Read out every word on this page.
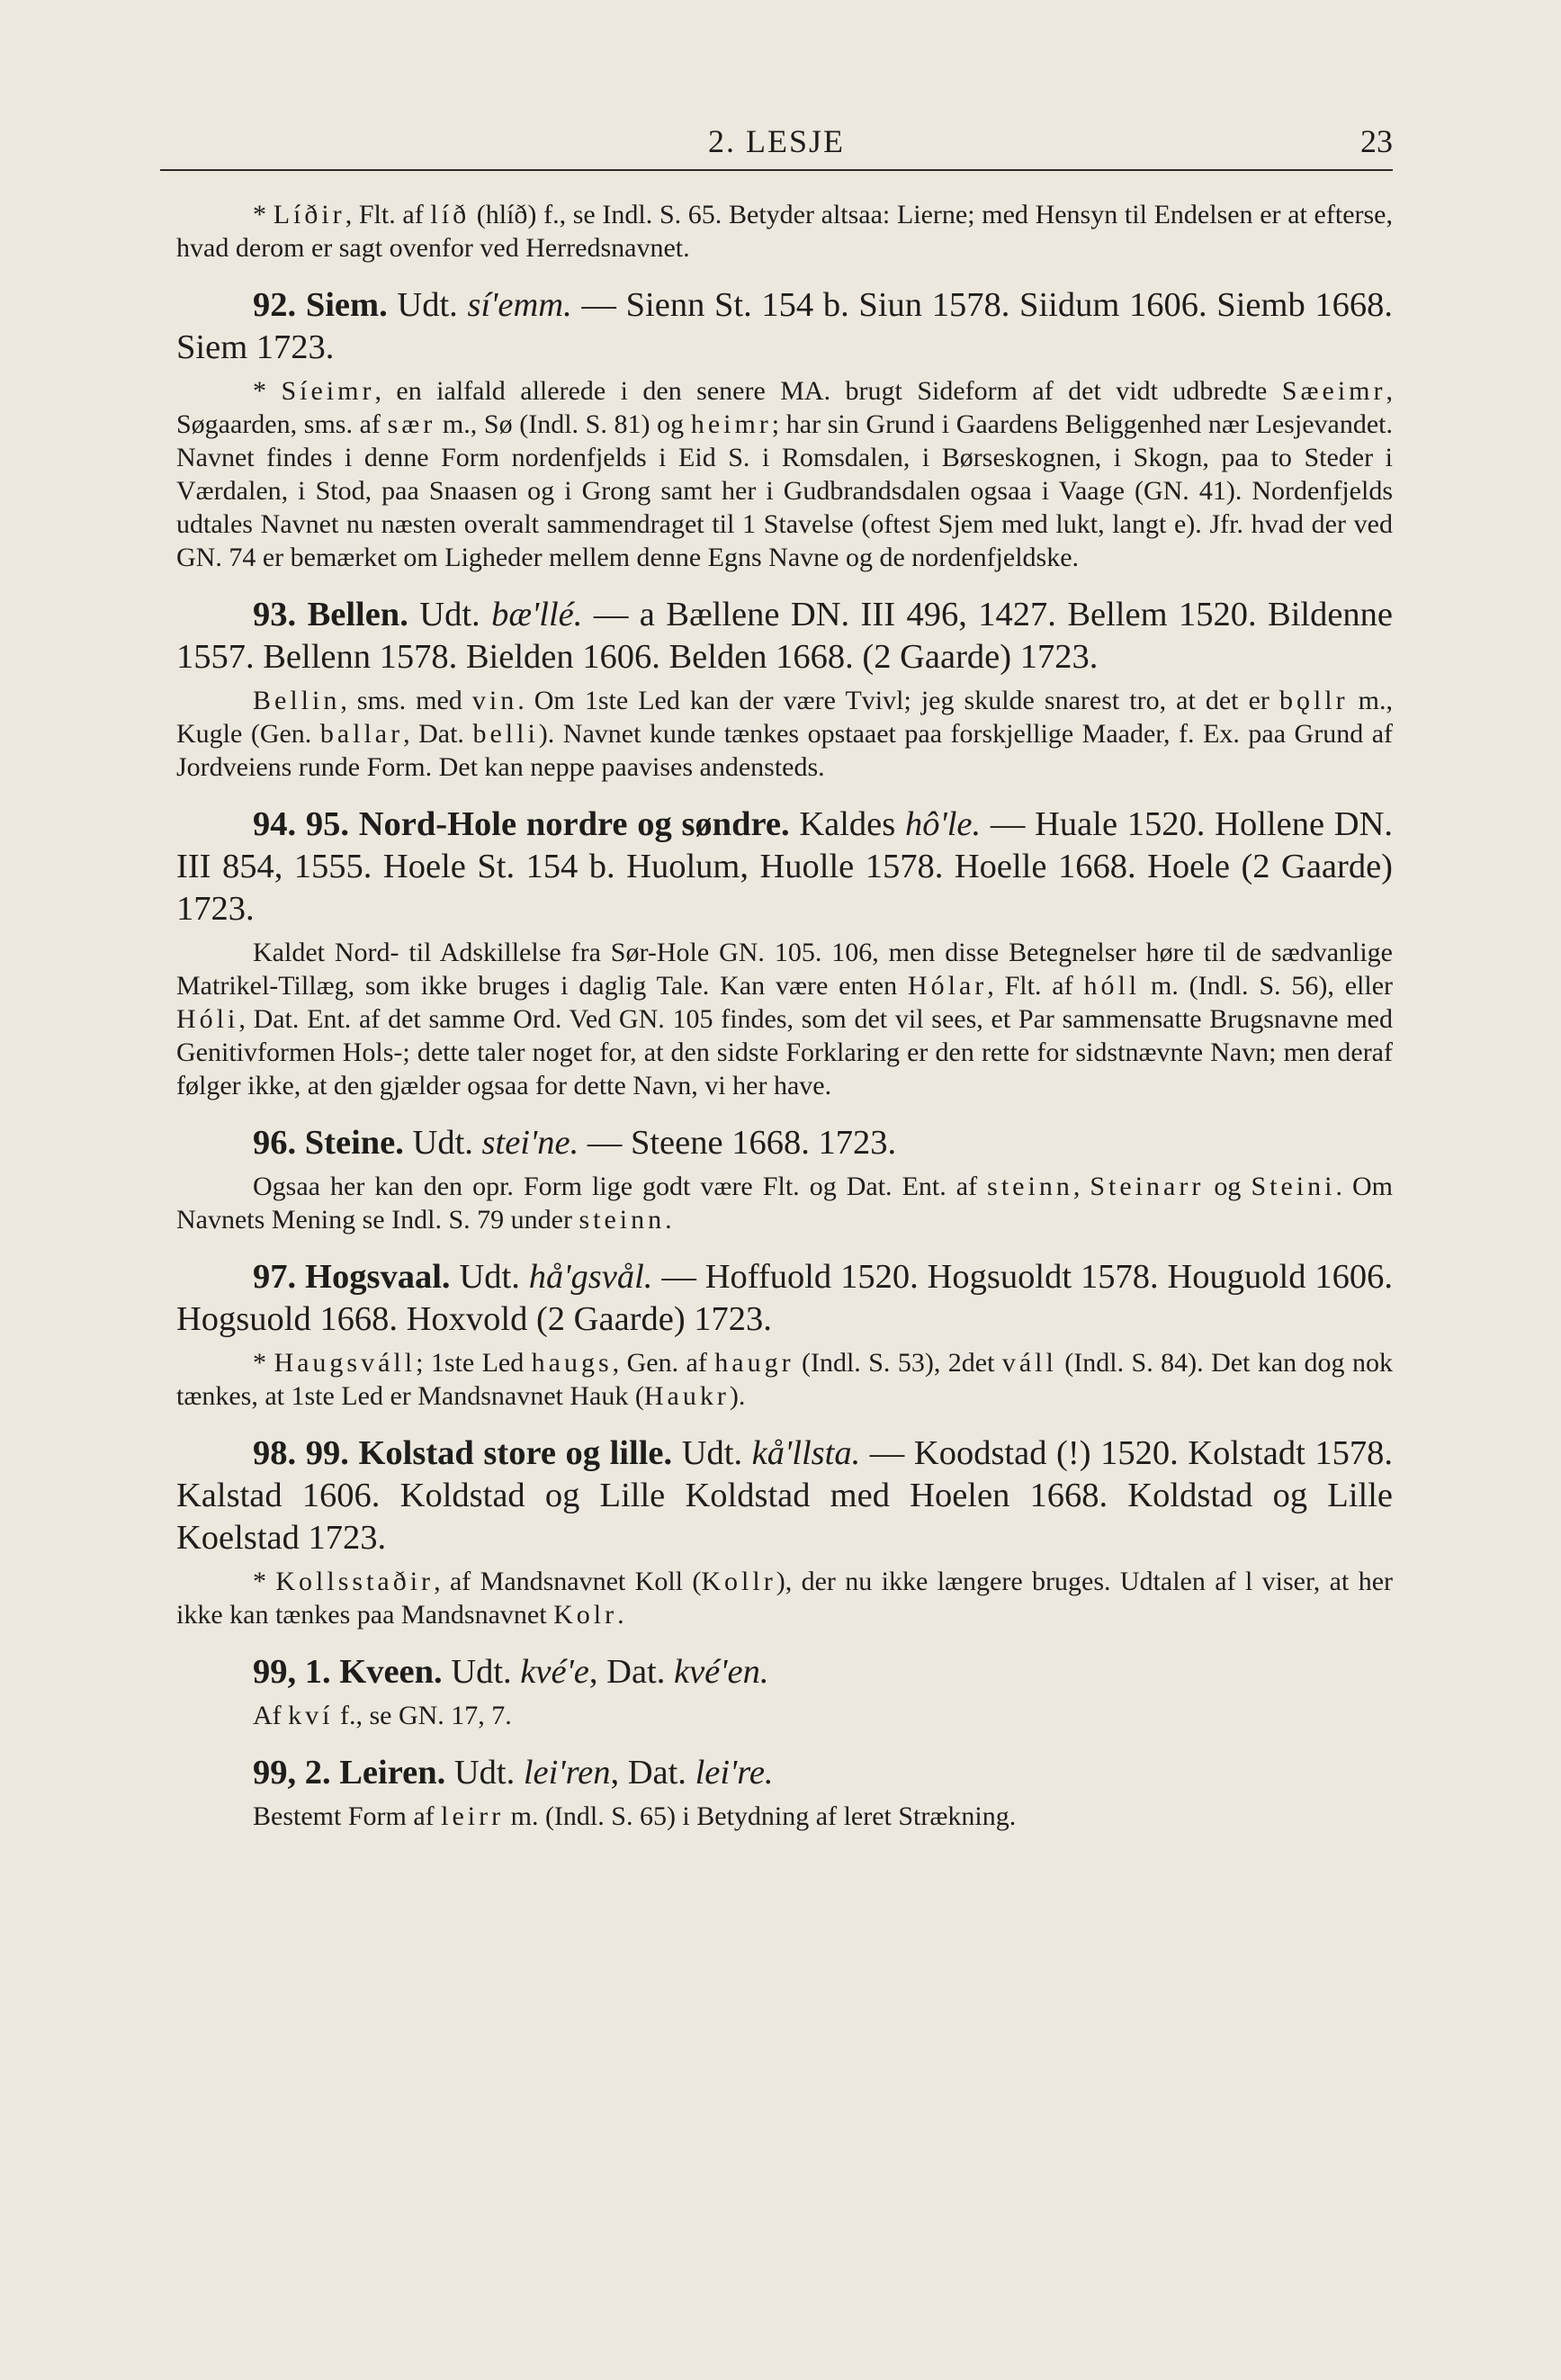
2. LESJE	23

* Líðir, Flt. af líð (hlíð) f., se Indl. S. 65. Betyder altsaa: Lierne; med Hensyn til Endelsen er at efterse, hvad derom er sagt ovenfor ved Herredsnavnet.

92. Siem. Udt. sí'emm. — Sienn St. 154 b. Siun 1578. Siidum 1606. Siemb 1668. Siem 1723.

* Síeimr, en ialfald allerede i den senere MA. brugt Sideform af det vidt udbredte Sæeimr, Søgaarden, sms. af sær m., Sø (Indl. S. 81) og heimr; har sin Grund i Gaardens Beliggenhed nær Lesjevandet. Navnet findes i denne Form nordenfjelds i Eid S. i Romsdalen, i Børseskognen, i Skogn, paa to Steder i Værdalen, i Stod, paa Snaasen og i Grong samt her i Gudbrandsdalen ogsaa i Vaage (GN. 41). Nordenfjelds udtales Navnet nu næsten overalt sammendraget til 1 Stavelse (oftest Sjem med lukt, langt e). Jfr. hvad der ved GN. 74 er bemærket om Ligheder mellem denne Egns Navne og de nordenfjeldske.

93. Bellen. Udt. bæ'llé. — a Bællene DN. III 496, 1427. Bellem 1520. Bildenne 1557. Bellenn 1578. Bielden 1606. Belden 1668. (2 Gaarde) 1723.

Bellin, sms. med vin. Om 1ste Led kan der være Tvivl; jeg skulde snarest tro, at det er bǫllr m., Kugle (Gen. ballar, Dat. belli). Navnet kunde tænkes opstaaet paa forskjellige Maader, f. Ex. paa Grund af Jordveiens runde Form. Det kan neppe paavises andensteds.

94. 95. Nord-Hole nordre og søndre. Kaldes hô'le. — Huale 1520. Hollene DN. III 854, 1555. Hoele St. 154 b. Huolum, Huolle 1578. Hoelle 1668. Hoele (2 Gaarde) 1723.

Kaldet Nord- til Adskillelse fra Sør-Hole GN. 105. 106, men disse Betegnelser høre til de sædvanlige Matrikel-Tillæg, som ikke bruges i daglig Tale. Kan være enten Hólar, Flt. af hóll m. (Indl. S. 56), eller Hóli, Dat. Ent. af det samme Ord. Ved GN. 105 findes, som det vil sees, et Par sammensatte Brugsnavne med Genitivformen Hols-; dette taler noget for, at den sidste Forklaring er den rette for sidstnævnte Navn; men deraf følger ikke, at den gjælder ogsaa for dette Navn, vi her have.

96. Steine. Udt. stei'ne. — Steene 1668. 1723.

Ogsaa her kan den opr. Form lige godt være Flt. og Dat. Ent. af steinn, Steinarr og Steini. Om Navnets Mening se Indl. S. 79 under steinn.

97. Hogsvaal. Udt. hå'gsvål. — Hoffuold 1520. Hogsuoldt 1578. Houguold 1606. Hogsuold 1668. Hoxvold (2 Gaarde) 1723.

* Haugsváll; 1ste Led haugs, Gen. af haugr (Indl. S. 53), 2det váll (Indl. S. 84). Det kan dog nok tænkes, at 1ste Led er Mandsnavnet Hauk (Haukr).

98. 99. Kolstad store og lille. Udt. kå'llsta. — Koodstad (!) 1520. Kolstadt 1578. Kalstad 1606. Koldstad og Lille Koldstad med Hoelen 1668. Koldstad og Lille Koelstad 1723.

* Kollsstaðir, af Mandsnavnet Koll (Kollr), der nu ikke længere bruges. Udtalen af l viser, at her ikke kan tænkes paa Mandsnavnet Kolr.

99, 1. Kveen. Udt. kvé'e, Dat. kvé'en.

Af kví f., se GN. 17, 7.

99, 2. Leiren. Udt. lei'ren, Dat. lei're.

Bestemt Form af leirr m. (Indl. S. 65) i Betydning af leret Strækning.
